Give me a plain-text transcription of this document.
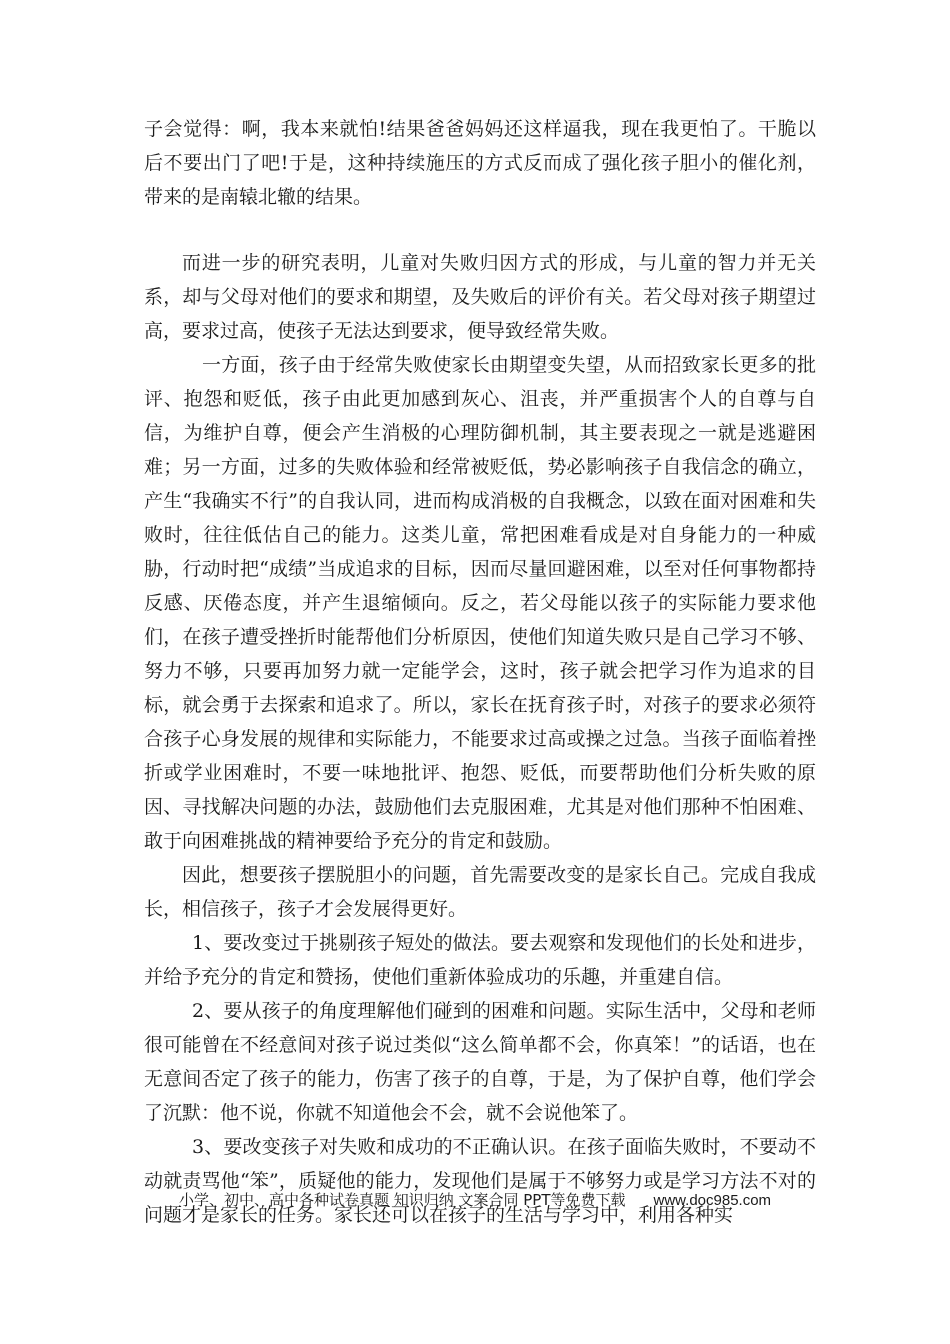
子会觉得：啊，我本来就怕!结果爸爸妈妈还这样逼我，现在我更怕了。干脆以后不要出门了吧!于是，这种持续施压的方式反而成了强化孩子胆小的催化剂，带来的是南辕北辙的结果。

而进一步的研究表明，儿童对失败归因方式的形成，与儿童的智力并无关系，却与父母对他们的要求和期望，及失败后的评价有关。若父母对孩子期望过高，要求过高，使孩子无法达到要求，便导致经常失败。

一方面，孩子由于经常失败使家长由期望变失望，从而招致家长更多的批评、抱怨和贬低，孩子由此更加感到灰心、沮丧，并严重损害个人的自尊与自信，为维护自尊，便会产生消极的心理防御机制，其主要表现之一就是逃避困难；另一方面，过多的失败体验和经常被贬低，势必影响孩子自我信念的确立，产生“我确实不行”的自我认同，进而构成消极的自我概念，以致在面对困难和失败时，往往低估自己的能力。这类儿童，常把困难看成是对自身能力的一种威胁，行动时把“成绩”当成追求的目标，因而尽量回避困难，以至对任何事物都持反感、厌倦态度，并产生退缩倾向。反之，若父母能以孩子的实际能力要求他们，在孩子遭受挫折时能帮他们分析原因，使他们知道失败只是自己学习不够、努力不够，只要再加努力就一定能学会，这时，孩子就会把学习作为追求的目标，就会勇于去探索和追求了。所以，家长在抚育孩子时，对孩子的要求必须符合孩子心身发展的规律和实际能力，不能要求过高或操之过急。当孩子面临着挫折或学业困难时，不要一味地批评、抱怨、贬低，而要帮助他们分析失败的原因、寻找解决问题的办法，鼓励他们去克服困难，尤其是对他们那种不怕困难、敢于向困难挑战的精神要给予充分的肯定和鼓励。

因此，想要孩子摆脱胆小的问题，首先需要改变的是家长自己。完成自我成长，相信孩子，孩子才会发展得更好。

1、要改变过于挑剔孩子短处的做法。要去观察和发现他们的长处和进步，并给予充分的肯定和赞扬，使他们重新体验成功的乐趣，并重建自信。

2、要从孩子的角度理解他们碰到的困难和问题。实际生活中，父母和老师很可能曾在不经意间对孩子说过类似“这么简单都不会，你真笨！”的话语，也在无意间否定了孩子的能力，伤害了孩子的自尊，于是，为了保护自尊，他们学会了沉默：他不说，你就不知道他会不会，就不会说他笨了。

3、要改变孩子对失败和成功的不正确认识。在孩子面临失败时，不要动不动就责骂他“笨”，质疑他的能力，发现他们是属于不够努力或是学习方法不对的问题才是家长的任务。家长还可以在孩子的生活与学习中，利用各种实

小学、初中、高中各种试卷真题 知识归纳 文案合同 PPT等免费下载 www.doc985.com
